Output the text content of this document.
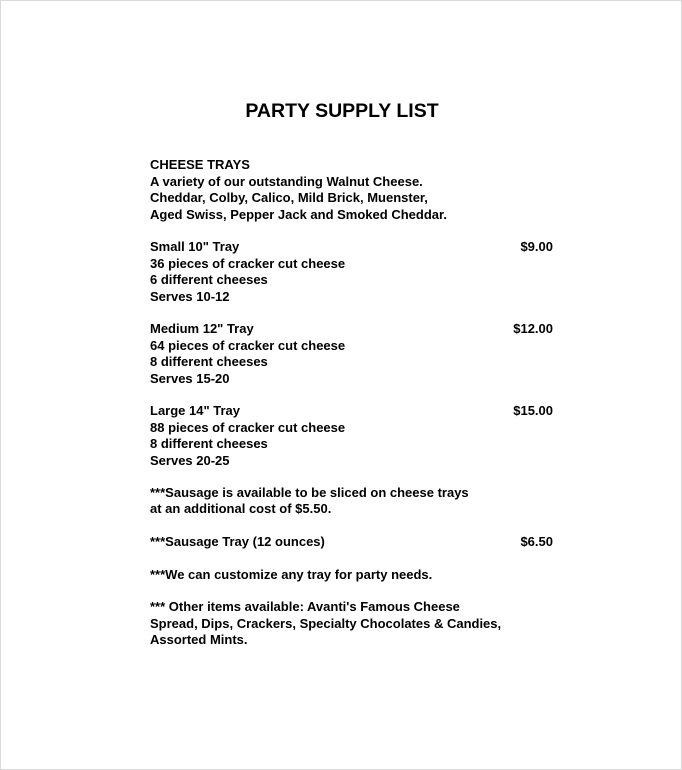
PARTY SUPPLY LIST
CHEESE TRAYS
A variety of our outstanding Walnut Cheese.
Cheddar, Colby, Calico, Mild Brick, Muenster,
Aged Swiss, Pepper Jack and Smoked Cheddar.
Small 10" Tray	$9.00
36 pieces of cracker cut cheese
6 different cheeses
Serves 10-12
Medium 12" Tray	$12.00
64 pieces of cracker cut cheese
8 different cheeses
Serves 15-20
Large 14" Tray	$15.00
88 pieces of cracker cut cheese
8 different cheeses
Serves 20-25
***Sausage is available to be sliced on cheese trays
at an additional cost of $5.50.
***Sausage Tray (12 ounces)	$6.50
***We can customize any tray for party needs.
*** Other items available: Avanti's Famous Cheese
Spread, Dips, Crackers, Specialty Chocolates & Candies,
Assorted Mints.
